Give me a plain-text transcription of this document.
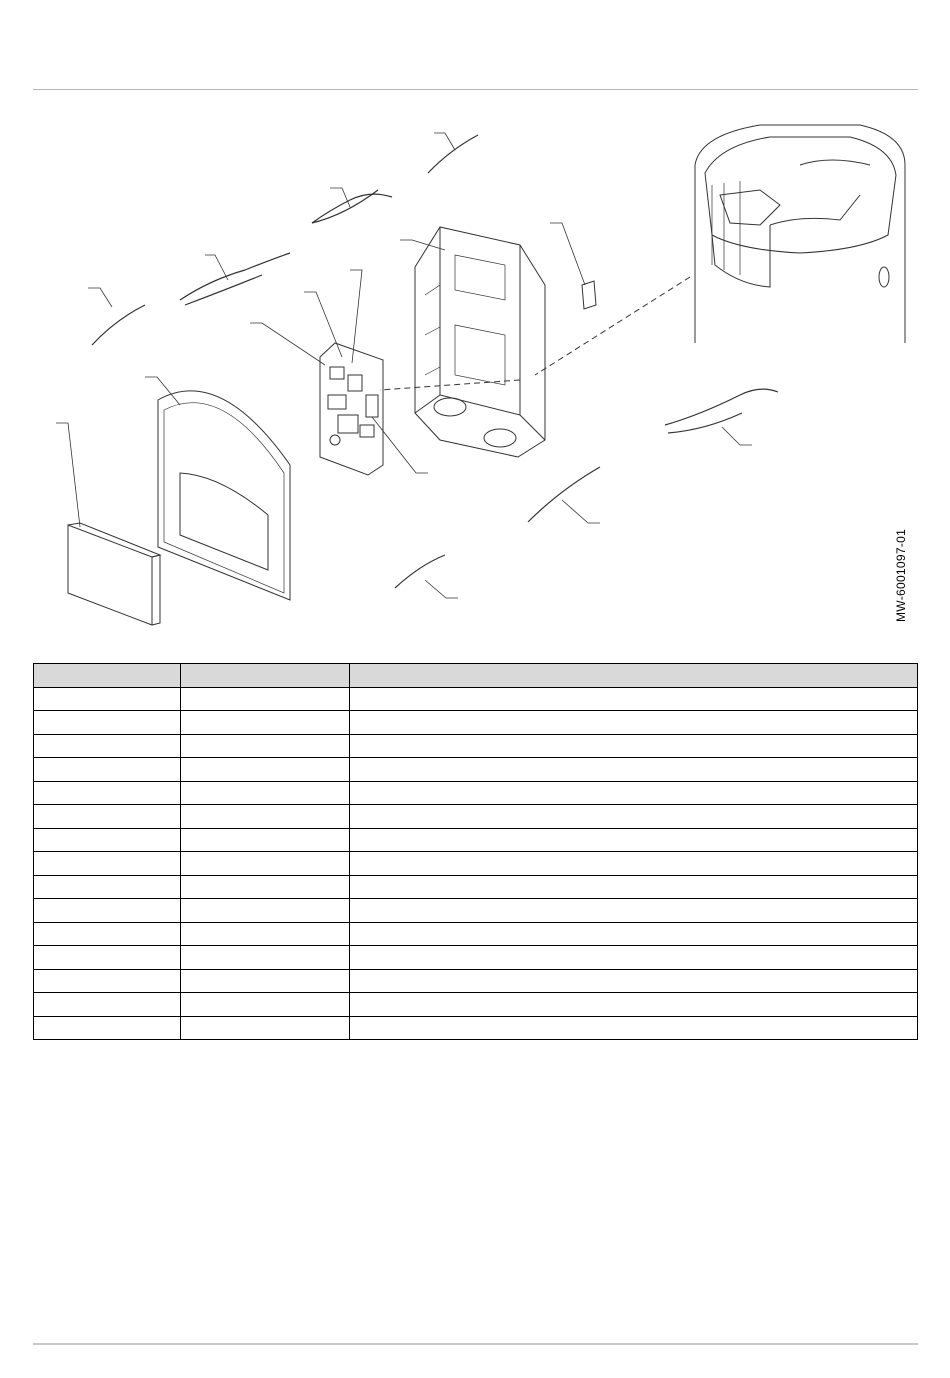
MW-6001097-01
